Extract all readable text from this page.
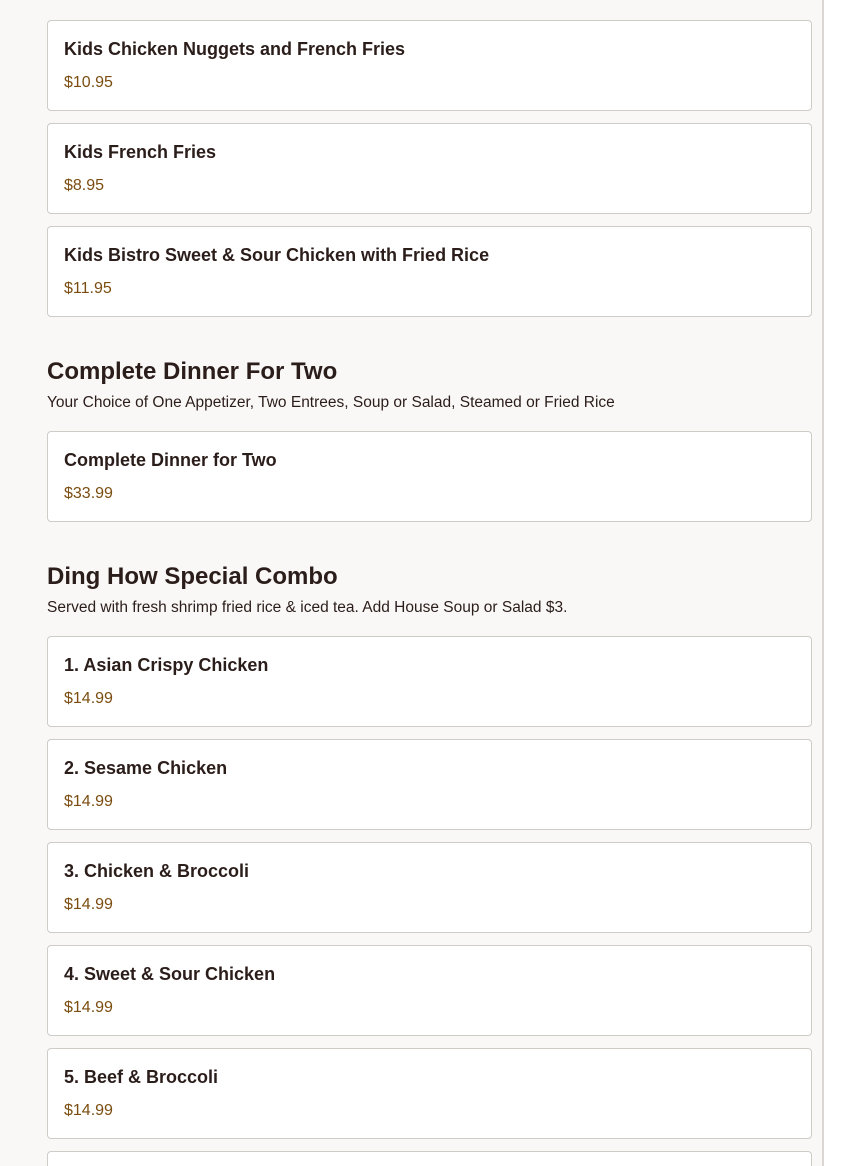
Kids Chicken Nuggets and French Fries
$10.95
Kids French Fries
$8.95
Kids Bistro Sweet & Sour Chicken with Fried Rice
$11.95
Complete Dinner For Two
Your Choice of One Appetizer, Two Entrees, Soup or Salad, Steamed or Fried Rice
Complete Dinner for Two
$33.99
Ding How Special Combo
Served with fresh shrimp fried rice & iced tea. Add House Soup or Salad $3.
1. Asian Crispy Chicken
$14.99
2. Sesame Chicken
$14.99
3. Chicken & Broccoli
$14.99
4. Sweet & Sour Chicken
$14.99
5. Beef & Broccoli
$14.99
